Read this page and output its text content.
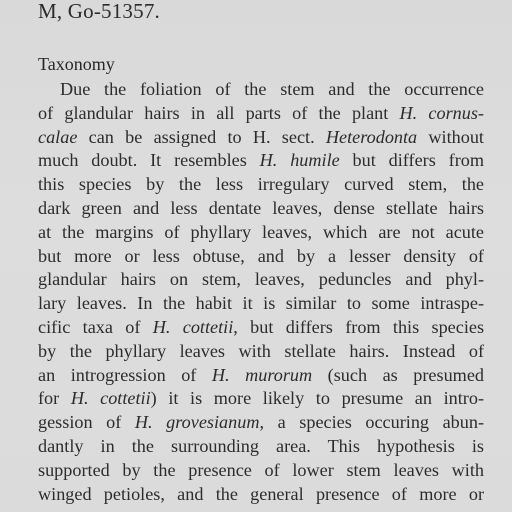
M, Go-51357.
Taxonomy
Due the foliation of the stem and the occurrence
of glandular hairs in all parts of the plant H. cornus-
calae can be assigned to H. sect. Heterodonta without
much doubt. It resembles H. humile but differs from
this species by the less irregulary curved stem, the
dark green and less dentate leaves, dense stellate hairs
at the margins of phyllary leaves, which are not acute
but more or less obtuse, and by a lesser density of
glandular hairs on stem, leaves, peduncles and phyl-
lary leaves. In the habit it is similar to some intraspe-
cific taxa of H. cottetii, but differs from this species
by the phyllary leaves with stellate hairs. Instead of
an introgression of H. murorum (such as presumed
for H. cottetii) it is more likely to presume an intro-
gession of H. grovesianum, a species occuring abun-
dantly in the surrounding area. This hypothesis is
supported by the presence of lower stem leaves with
winged petioles, and the general presence of more or
